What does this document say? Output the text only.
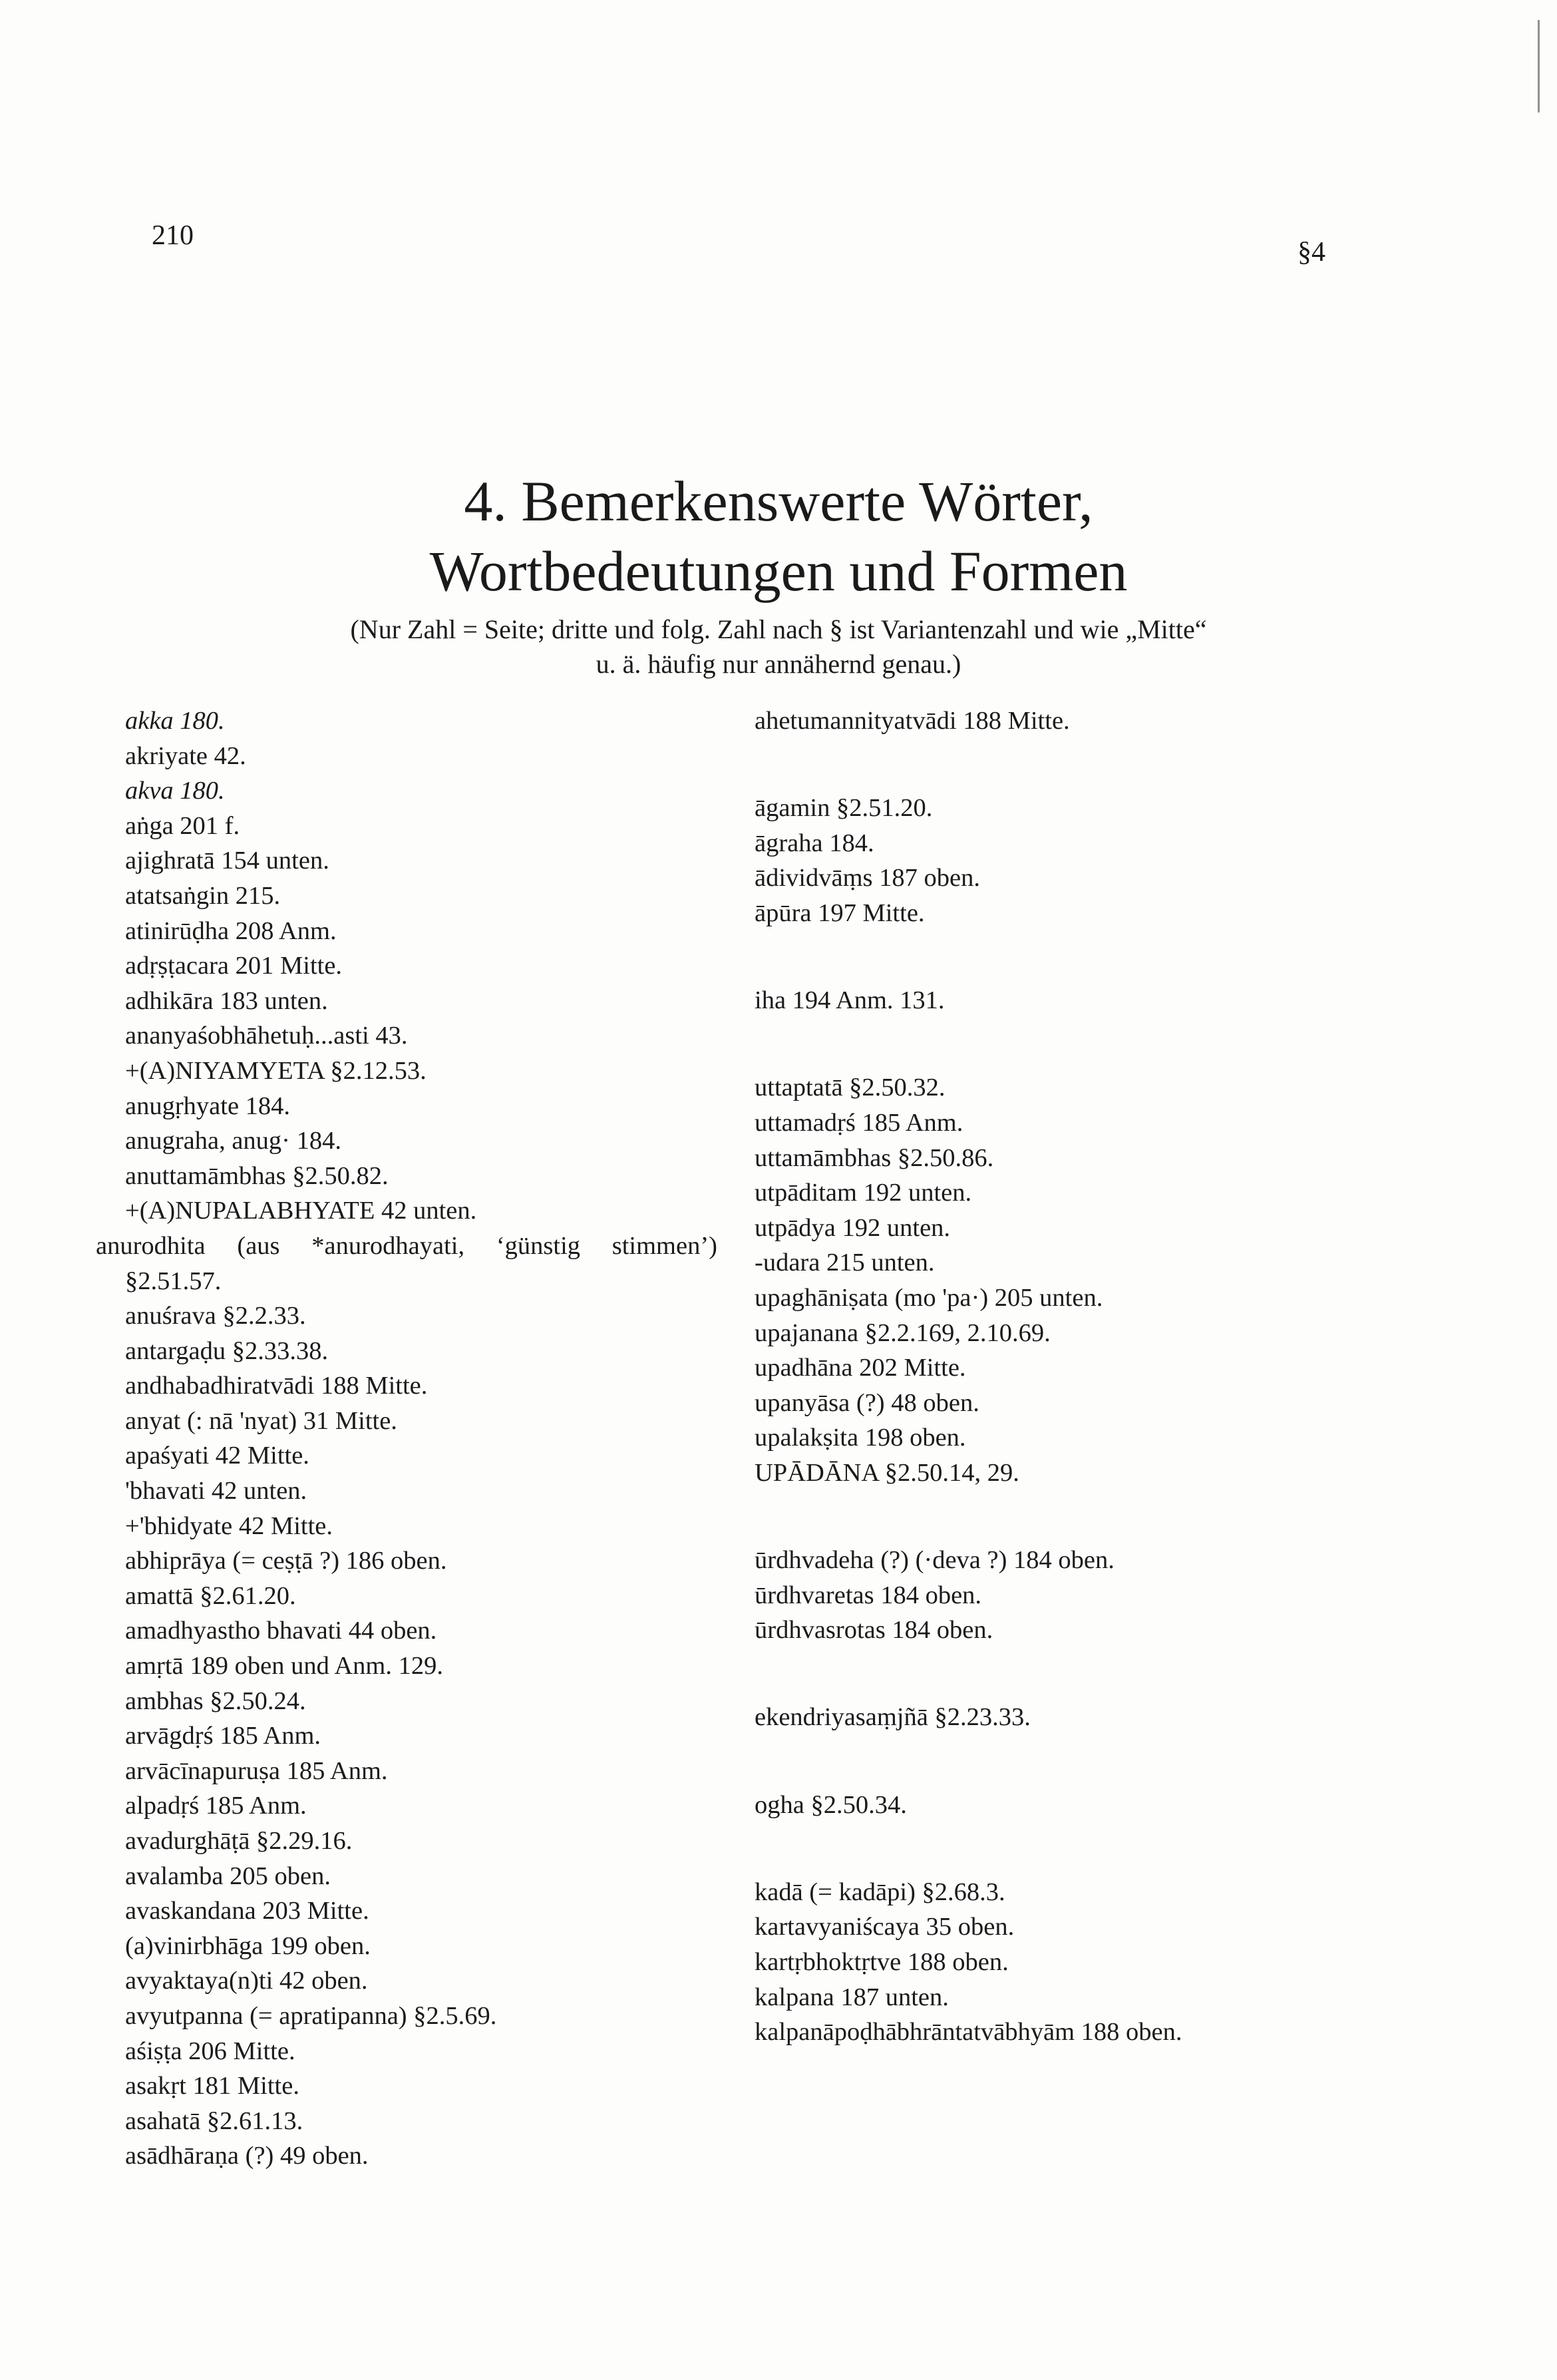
210
§4
4. Bemerkenswerte Wörter,
Wortbedeutungen und Formen
(Nur Zahl = Seite; dritte und folg. Zahl nach § ist Variantenzahl und wie „Mitte“
u. ä. häufig nur annähernd genau.)
akka 180.
akriyate 42.
akva 180.
aṅga 201 f.
ajighratā 154 unten.
atatsaṅgin 215.
atinirūḍha 208 Anm.
adṛṣṭacara 201 Mitte.
adhikāra 183 unten.
ananyaśobhāhetuḥ...asti 43.
+(A)NIYAMYETA §2.12.53.
anugṛhyate 184.
anugraha, anug· 184.
anuttamāmbhas §2.50.82.
+(A)NUPALABHYATE 42 unten.
anurodhita (aus *anurodhayati, ‘günstig stimmen’) §2.51.57.
anuśrava §2.2.33.
antargaḍu §2.33.38.
andhabadhiratvādi 188 Mitte.
anyat (: nā 'nyat) 31 Mitte.
apaśyati 42 Mitte.
'bhavati 42 unten.
+'bhidyate 42 Mitte.
abhiprāya (= ceṣṭā ?) 186 oben.
amattā §2.61.20.
amadhyastho bhavati 44 oben.
amṛtā 189 oben und Anm. 129.
ambhas §2.50.24.
arvāgdṛś 185 Anm.
arvācīnapuruṣa 185 Anm.
alpadṛś 185 Anm.
avadurghāṭā §2.29.16.
avalamba 205 oben.
avaskandana 203 Mitte.
(a)vinirbhāga 199 oben.
avyaktaya(n)ti 42 oben.
avyutpanna (= apratipanna) §2.5.69.
aśiṣṭa 206 Mitte.
asakṛt 181 Mitte.
asahatā §2.61.13.
asādhāraṇa (?) 49 oben.
ahetumannityatvādi 188 Mitte.
āgamin §2.51.20.
āgraha 184.
ādividvāṃs 187 oben.
āpūra 197 Mitte.
iha 194 Anm. 131.
uttaptatā §2.50.32.
uttamadṛś 185 Anm.
uttamāmbhas §2.50.86.
utpāditam 192 unten.
utpādya 192 unten.
-udara 215 unten.
upaghāniṣata (mo 'pa·) 205 unten.
upajanana §2.2.169, 2.10.69.
upadhāna 202 Mitte.
upanyāsa (?) 48 oben.
upalakṣita 198 oben.
UPĀDĀNA §2.50.14, 29.
ūrdhvadeha (?) (·deva ?) 184 oben.
ūrdhvaretas 184 oben.
ūrdhvasrotas 184 oben.
ekendriyasaṃjñā §2.23.33.
ogha §2.50.34.
kadā (= kadāpi) §2.68.3.
kartavyaniścaya 35 oben.
kartṛbhoktṛtve 188 oben.
kalpana 187 unten.
kalpanāpoḍhābhrāntatvābhyām 188 oben.
